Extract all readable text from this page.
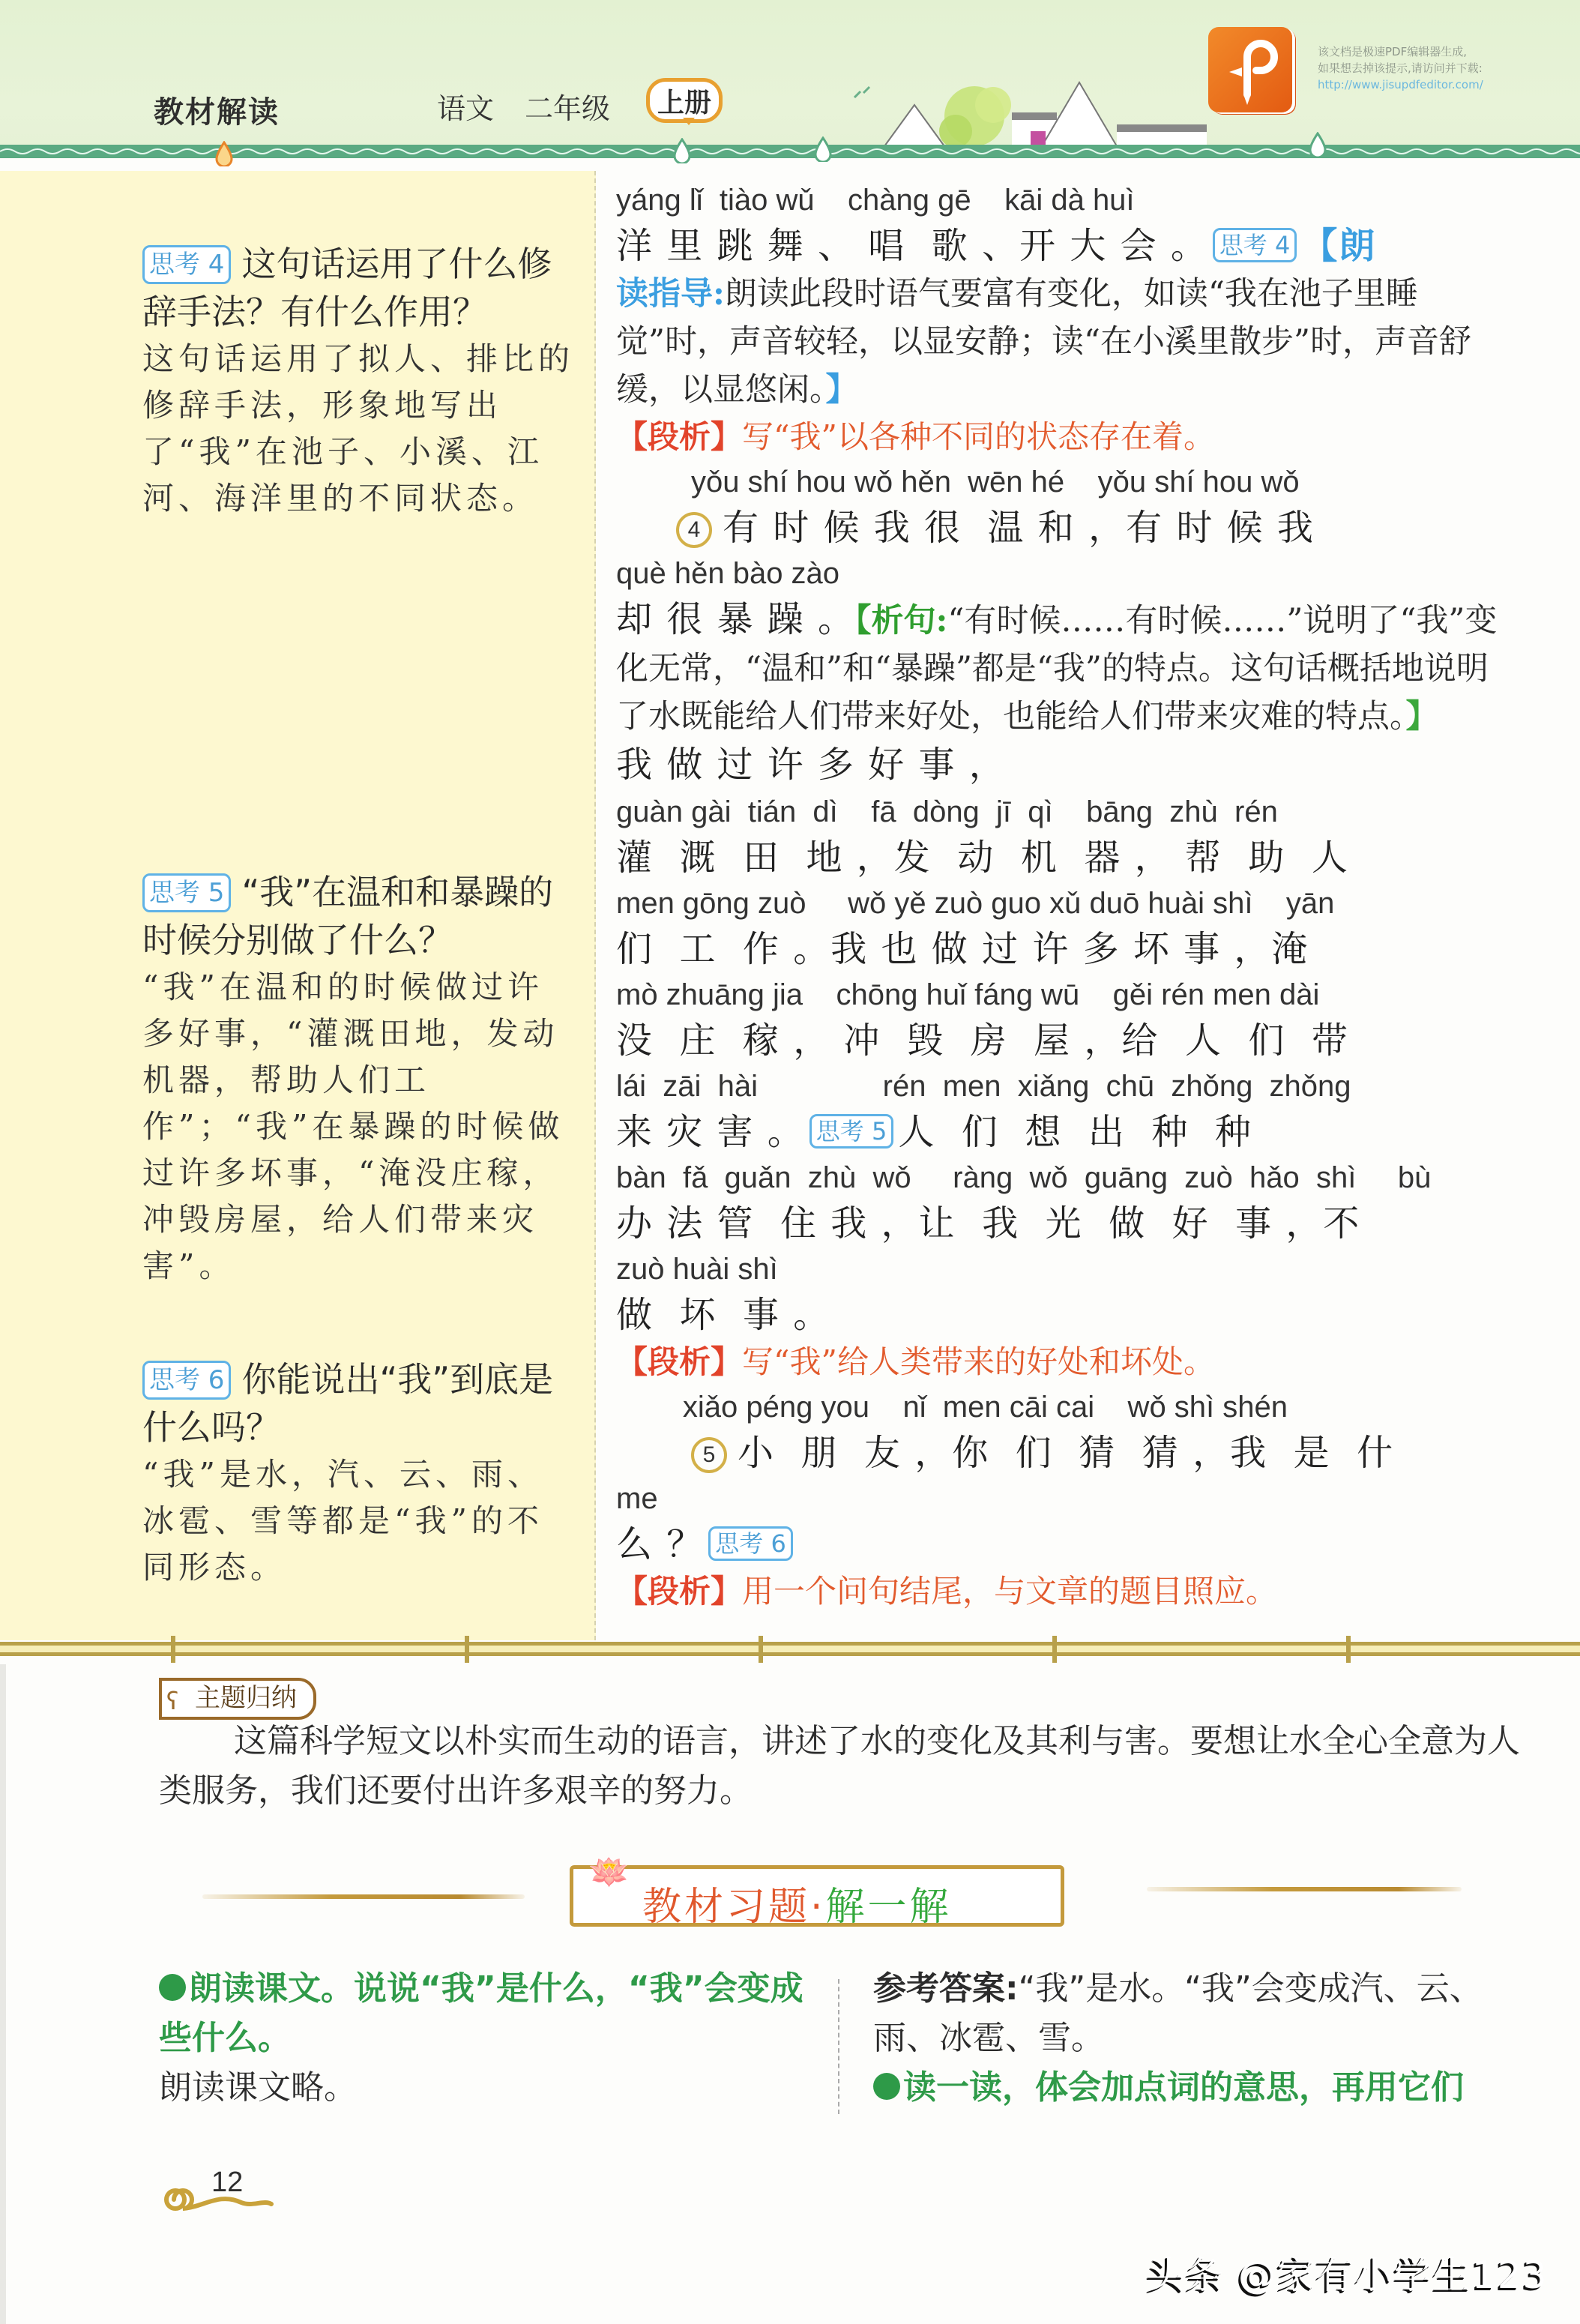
教材解读	语文 二年级	上册
该文档是极速PDF编辑器生成,
如果想去掉该提示,请访问并下载:
http://www.jisupdfeditor.com/
思考 4 这句话运用了什么修辞手法？有什么作用？
这句话运用了拟人、排比的修辞手法，形象地写出了“我”在池子、小溪、江河、海洋里的不同状态。
思考 5 “我”在温和和暴躁的时候分别做了什么？
“我”在温和的时候做过许多好事，“灌溉田地，发动机器，帮助人们工作”；“我”在暴躁的时候做过许多坏事，“淹没庄稼，冲毁房屋，给人们带来灾害”。
思考 6 你能说出“我”到底是什么吗？
“我”是水，汽、云、雨、冰雹、雪等都是“我”的不同形态。
yáng lǐ  tiào wǔ    chàng gē    kāi dà huì
洋 里 跳 舞 、 唱  歌 、开 大 会 。 思考 4 【朗
读指导:朗读此段时语气要富有变化，如读“我在池子里睡觉”时，声音较轻，以显安静；读“在小溪里散步”时，声音舒缓，以显悠闲。】
【段析】写“我”以各种不同的状态存在着。
yǒu shí hou wǒ hěn  wēn hé    yǒu shí hou wǒ
4 有 时 候 我 很  温 和 ，有 时 候 我
què hěn bào zào
却 很 暴 躁 。【析句:“有时候……有时候……”说明了“我”变化无常，“温和”和“暴躁”都是“我”的特点。这句话概括地说明了水既能给人们带来好处，也能给人们带来灾难的特点。】我 做 过 许 多 好 事 ，
guàn gài  tián  dì    fā  dòng  jī  qì    bāng  zhù  rén
灌  溉  田  地 ，发  动  机  器 ， 帮  助  人
men gōng zuò     wǒ yě zuò guo xǔ duō huài shì    yān
们  工  作 。我 也 做 过 许 多 坏 事 ，淹
mò zhuāng jia    chōng huǐ fáng wū    gěi rén men dài
没  庄  稼 ， 冲  毁  房  屋 ，给  人  们  带
lái  zāi  hài               rén  men  xiǎng  chū  zhǒng  zhǒng
来 灾 害 。 思考 5 人  们  想  出  种  种
bàn  fǎ  guǎn  zhù  wǒ     ràng  wǒ  guāng  zuò  hǎo  shì     bù
办 法 管  住 我 ，让  我  光  做  好  事 ，不
zuò huài shì
做  坏  事 。
【段析】写“我”给人类带来的好处和坏处。
xiǎo péng you    nǐ  men cāi cai    wǒ shì shén
5 小  朋  友 ，你  们  猜  猜 ，我  是  什
me
么 ？ 思考 6
【段析】用一个问句结尾，与文章的题目照应。
ʕ 主题归纳
这篇科学短文以朴实而生动的语言，讲述了水的变化及其利与害。要想让水全心全意为人类服务，我们还要付出许多艰辛的努力。
🪷
教材习题·解一解
朗读课文。说说“我”是什么，“我”会变成些什么。
朗读课文略。
参考答案:“我”是水。“我”会变成汽、云、雨、冰雹、雪。
读一读，体会加点词的意思，再用它们
12
头条 @家有小学生123
